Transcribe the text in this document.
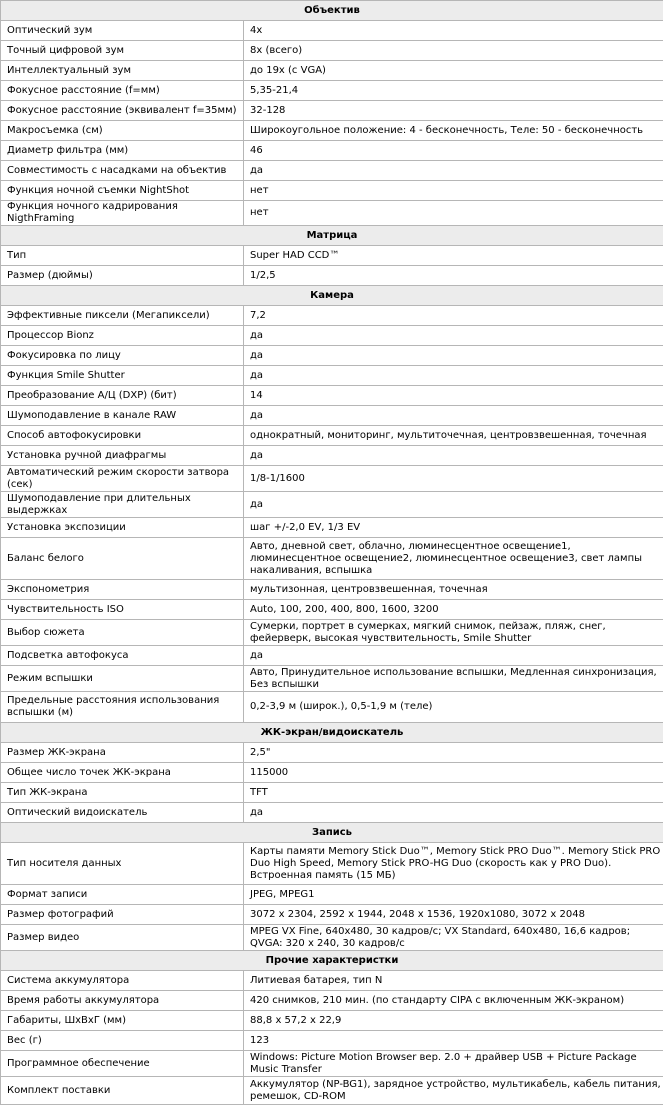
Объектив	
Оптический зум	4x
Точный цифровой зум	8x (всего)
Интеллектуальный зум	до 19x (с VGA)
Фокусное расстояние (f=мм)	5,35-21,4
Фокусное расстояние (эквивалент f=35мм)	32-128
Макросъемка (см)	Широкоугольное положение: 4 - бесконечность, Теле: 50 - бесконечность
Диаметр фильтра (мм)	46
Совместимость с насадками на объектив	да
Функция ночной съемки NightShot	нет
Функция ночного кадрирования NigthFraming	нет
Матрица	
Тип	Super HAD CCD™
Размер (дюймы)	1/2,5
Камера	
Эффективные пиксели (Мегапиксели)	7,2
Процессор Bionz	да
Фокусировка по лицу	да
Функция Smile Shutter	да
Преобразование А/Ц (DXP) (бит)	14
Шумоподавление в канале RAW	да
Способ автофокусировки	однократный, мониторинг, мультиточечная, центровзвешенная, точечная
Установка ручной диафрагмы	да
Автоматический режим скорости затвора (сек)	1/8-1/1600
Шумоподавление при длительных выдержках	да
Установка экспозиции	шаг +/-2,0 EV, 1/3 EV
Баланс белого	Авто, дневной свет, облачно, люминесцентное освещение1, люминесцентное освещение2, люминесцентное освещение3, свет лампы накаливания, вспышка
Экспонометрия	мультизонная, центровзвешенная, точечная
Чувствительность ISO	Auto, 100, 200, 400, 800, 1600, 3200
Выбор сюжета	Сумерки, портрет в сумерках, мягкий снимок, пейзаж, пляж, снег, фейерверк, высокая чувствительность, Smile Shutter
Подсветка автофокуса	да
Режим вспышки	Авто, Принудительное использование вспышки, Медленная синхронизация, Без вспышки
Предельные расстояния использования вспышки (м)	0,2-3,9 м (широк.), 0,5-1,9 м (теле)
ЖК-экран/видоискатель	
Размер ЖК-экрана	2,5"
Общее число точек ЖК-экрана	115000
Тип ЖК-экрана	TFT
Оптический видоискатель	да
Запись	
Тип носителя данных	Карты памяти Memory Stick Duo™, Memory Stick PRO Duo™. Memory Stick PRO Duo High Speed, Memory Stick PRO-HG Duo (скорость как у PRO Duo). Встроенная память (15 МБ)
Формат записи	JPEG, MPEG1
Размер фотографий	3072 x 2304, 2592 x 1944, 2048 x 1536, 1920x1080, 3072 x 2048
Размер видео	MPEG VX Fine, 640x480, 30 кадров/с; VX Standard, 640x480, 16,6 кадров; QVGA: 320 x 240, 30 кадров/с
Прочие характеристки	
Система аккумулятора	Литиевая батарея, тип N
Время работы аккумулятора	420 снимков, 210 мин. (по стандарту CIPA с включенным ЖК-экраном)
Габариты, ШхВхГ (мм)	88,8 x 57,2 x 22,9
Вес (г)	123
Программное обеспечение	Windows: Picture Motion Browser вер. 2.0 + драйвер USB + Picture Package Music Transfer
Комплект поставки	Аккумулятор (NP-BG1), зарядное устройство, мультикабель, кабель питания, ремешок, CD-ROM
